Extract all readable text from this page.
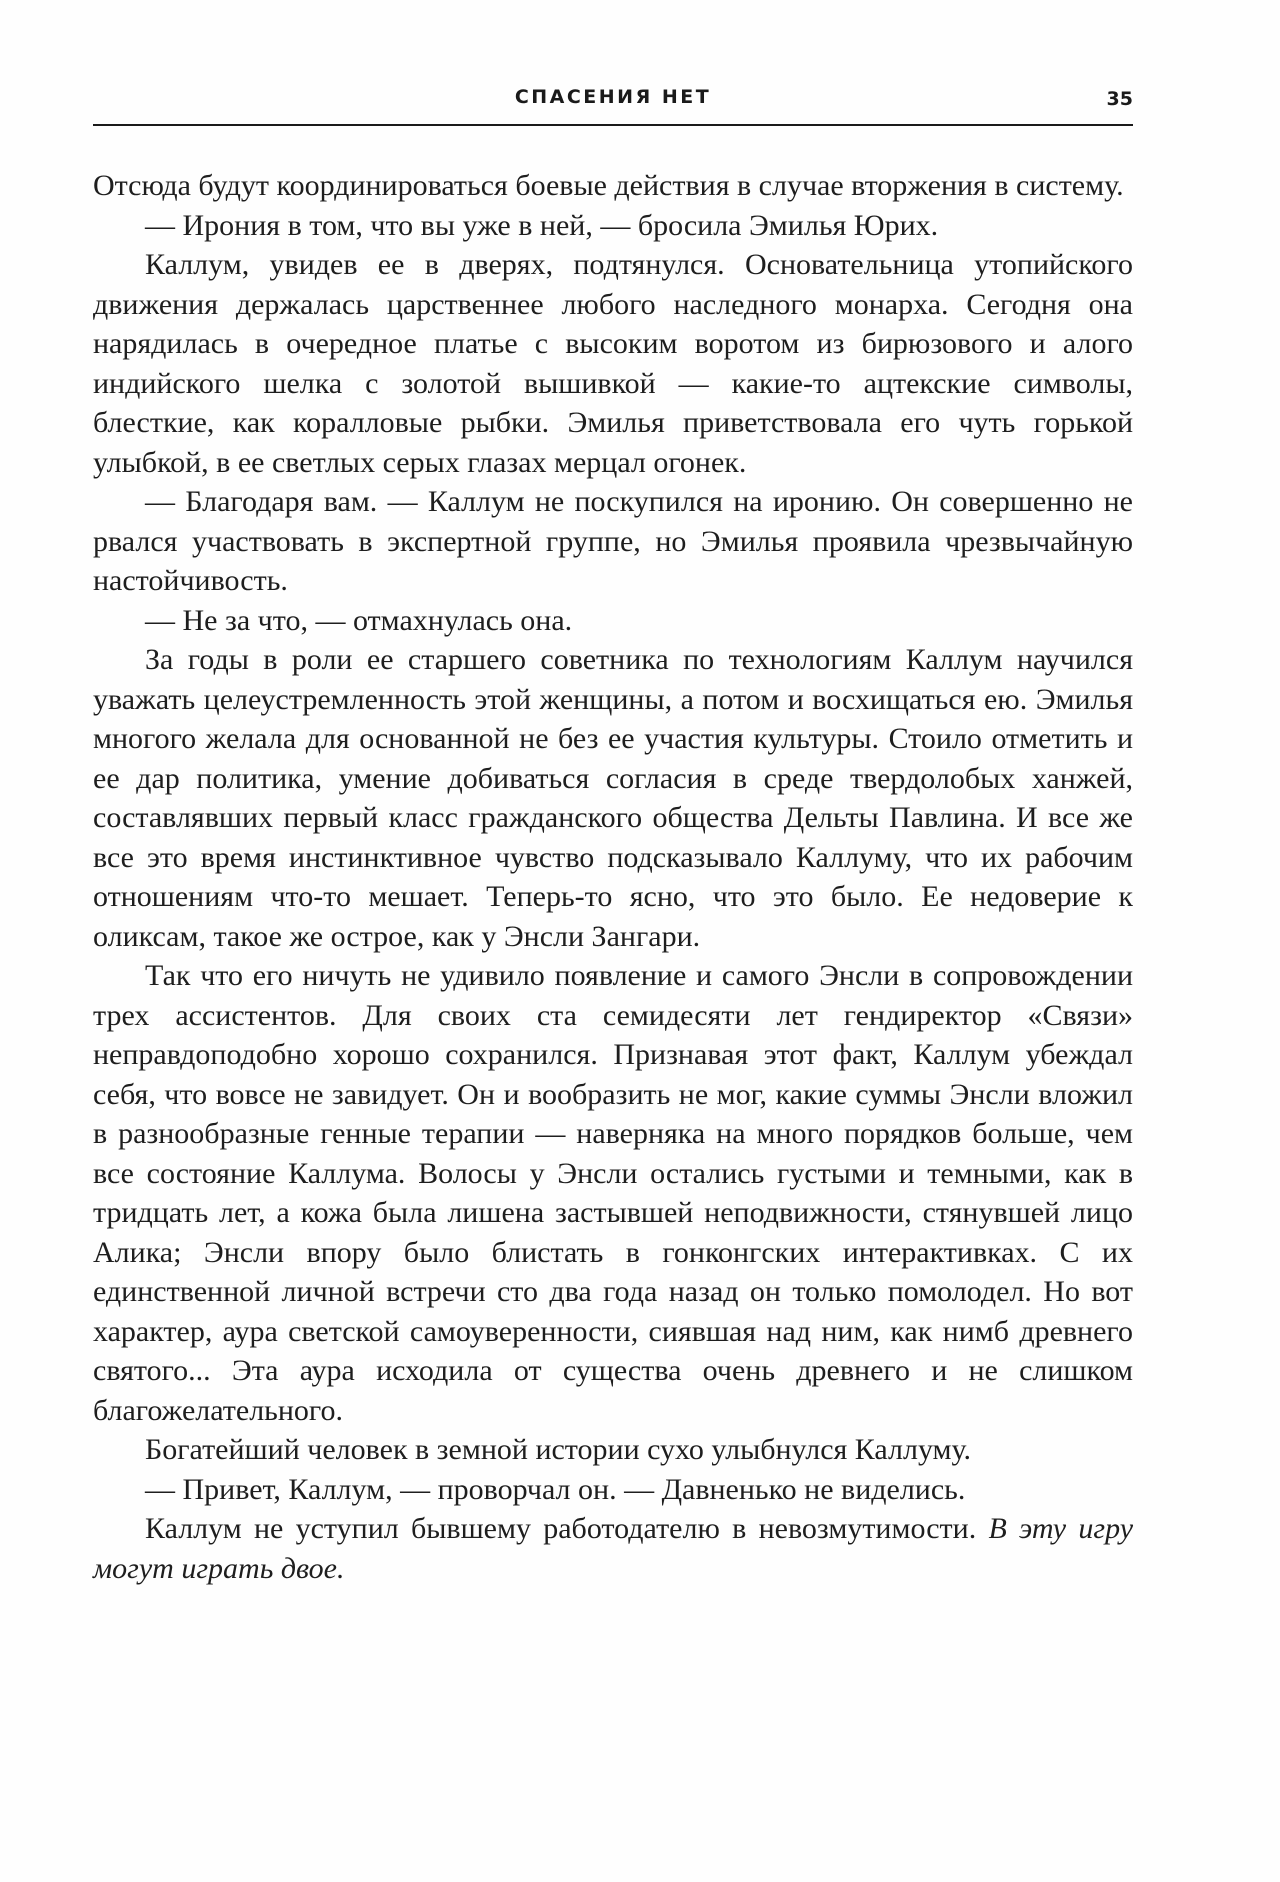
СПАСЕНИЯ НЕТ	35

Отсюда будут координироваться боевые действия в случае вторжения в систему.

— Ирония в том, что вы уже в ней, — бросила Эмилья Юрих.

Каллум, увидев ее в дверях, подтянулся. Основательница утопийского движения держалась царственнее любого наследного монарха. Сегодня она нарядилась в очередное платье с высоким воротом из бирюзового и алого индийского шелка с золотой вышивкой — какие-то ацтекские символы, блесткие, как коралловые рыбки. Эмилья приветствовала его чуть горькой улыбкой, в ее светлых серых глазах мерцал огонек.

— Благодаря вам. — Каллум не поскупился на иронию. Он совершенно не рвался участвовать в экспертной группе, но Эмилья проявила чрезвычайную настойчивость.

— Не за что, — отмахнулась она.

За годы в роли ее старшего советника по технологиям Каллум научился уважать целеустремленность этой женщины, а потом и восхищаться ею. Эмилья многого желала для основанной не без ее участия культуры. Стоило отметить и ее дар политика, умение добиваться согласия в среде твердолобых ханжей, составлявших первый класс гражданского общества Дельты Павлина. И все же все это время инстинктивное чувство подсказывало Каллуму, что их рабочим отношениям что-то мешает. Теперь-то ясно, что это было. Ее недоверие к оликсам, такое же острое, как у Энсли Зангари.

Так что его ничуть не удивило появление и самого Энсли в сопровождении трех ассистентов. Для своих ста семидесяти лет гендиректор «Связи» неправдоподобно хорошо сохранился. Признавая этот факт, Каллум убеждал себя, что вовсе не завидует. Он и вообразить не мог, какие суммы Энсли вложил в разнообразные генные терапии — наверняка на много порядков больше, чем все состояние Каллума. Волосы у Энсли остались густыми и темными, как в тридцать лет, а кожа была лишена застывшей неподвижности, стянувшей лицо Алика; Энсли впору было блистать в гонконгских интерактивках. С их единственной личной встречи сто два года назад он только помолодел. Но вот характер, аура светской самоуверенности, сиявшая над ним, как нимб древнего святого... Эта аура исходила от существа очень древнего и не слишком благожелательного.

Богатейший человек в земной истории сухо улыбнулся Каллуму.

— Привет, Каллум, — проворчал он. — Давненько не виделись.

Каллум не уступил бывшему работодателю в невозмутимости. В эту игру могут играть двое.
